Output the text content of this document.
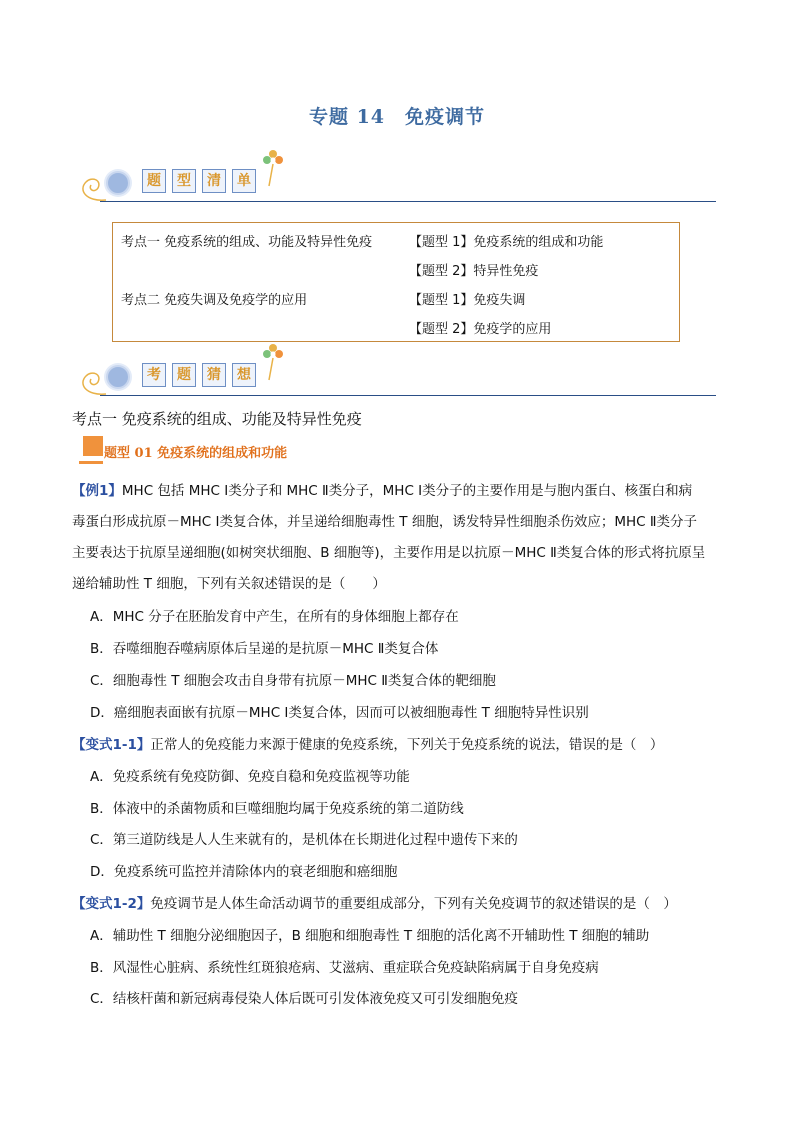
专题 14　免疫调节
题	型	清	单
考点一 免疫系统的组成、功能及特异性免疫	【题型 1】免疫系统的组成和功能
【题型 2】特异性免疫
考点二 免疫失调及免疫学的应用	【题型 1】免疫失调
【题型 2】免疫学的应用
考	题	猜	想
考点一 免疫系统的组成、功能及特异性免疫
题型 01 免疫系统的组成和功能
【例1】MHC 包括 MHC Ⅰ类分子和 MHC Ⅱ类分子，MHC Ⅰ类分子的主要作用是与胞内蛋白、核蛋白和病
毒蛋白形成抗原－MHC Ⅰ类复合体，并呈递给细胞毒性 T 细胞，诱发特异性细胞杀伤效应；MHC Ⅱ类分子
主要表达于抗原呈递细胞(如树突状细胞、B 细胞等)，主要作用是以抗原－MHC Ⅱ类复合体的形式将抗原呈
递给辅助性 T 细胞，下列有关叙述错误的是（　　）
A．MHC 分子在胚胎发育中产生，在所有的身体细胞上都存在
B．吞噬细胞吞噬病原体后呈递的是抗原－MHC Ⅱ类复合体
C．细胞毒性 T 细胞会攻击自身带有抗原－MHC Ⅱ类复合体的靶细胞
D．癌细胞表面嵌有抗原－MHC Ⅰ类复合体，因而可以被细胞毒性 T 细胞特异性识别
【变式1-1】正常人的免疫能力来源于健康的免疫系统，下列关于免疫系统的说法，错误的是（　）
A．免疫系统有免疫防御、免疫自稳和免疫监视等功能
B．体液中的杀菌物质和巨噬细胞均属于免疫系统的第二道防线
C．第三道防线是人人生来就有的，是机体在长期进化过程中遗传下来的
D．免疫系统可监控并清除体内的衰老细胞和癌细胞
【变式1-2】免疫调节是人体生命活动调节的重要组成部分，下列有关免疫调节的叙述错误的是（　）
A．辅助性 T 细胞分泌细胞因子，B 细胞和细胞毒性 T 细胞的活化离不开辅助性 T 细胞的辅助
B．风湿性心脏病、系统性红斑狼疮病、艾滋病、重症联合免疫缺陷病属于自身免疫病
C．结核杆菌和新冠病毒侵染人体后既可引发体液免疫又可引发细胞免疫
